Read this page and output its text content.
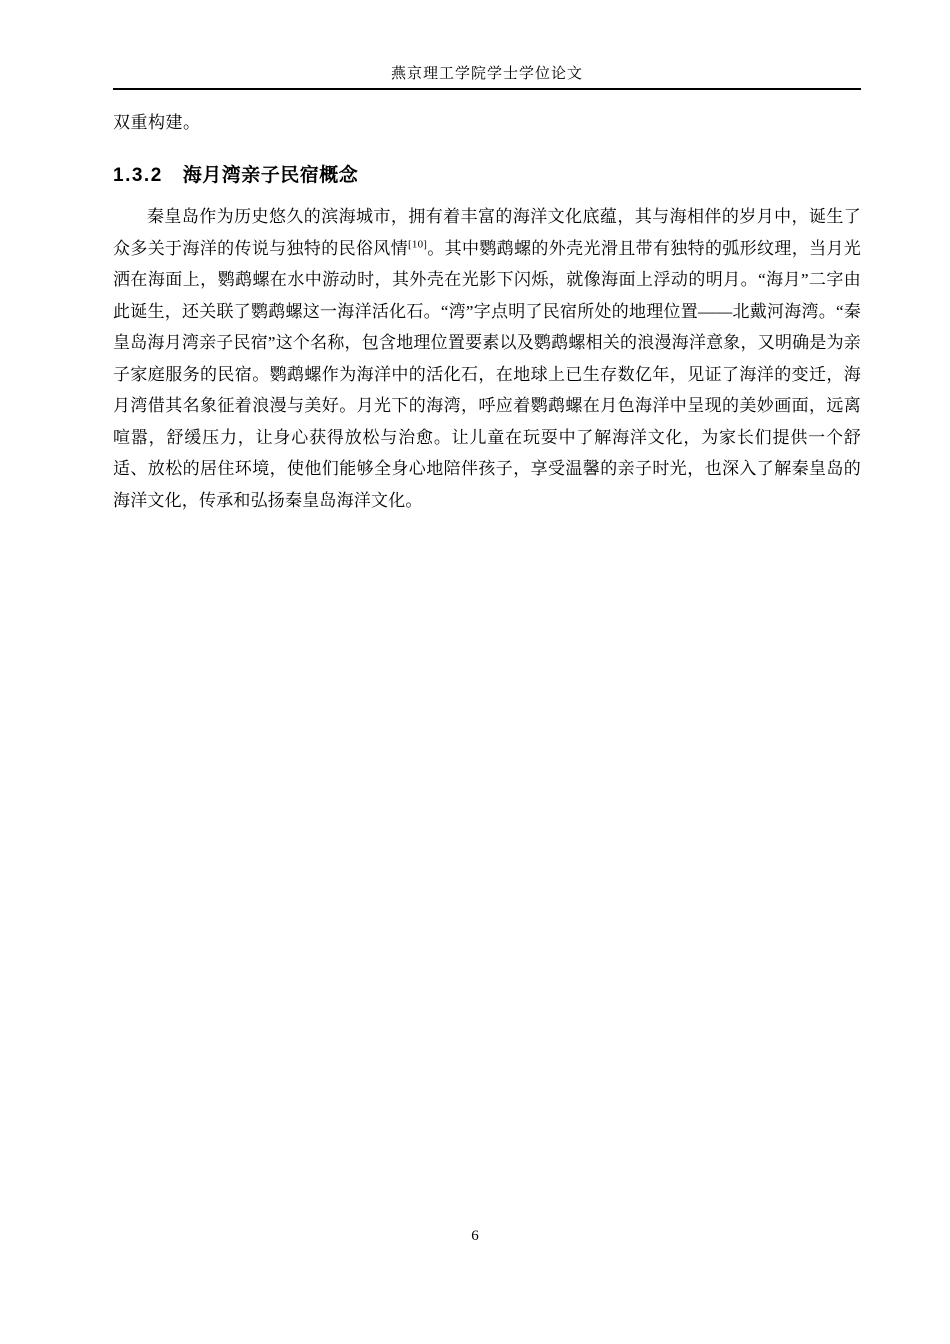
燕京理工学院学士学位论文

双重构建。

1.3.2 海月湾亲子民宿概念

秦皇岛作为历史悠久的滨海城市，拥有着丰富的海洋文化底蕴，其与海相伴的岁月中，诞生了众多关于海洋的传说与独特的民俗风情[10]。其中鹦鹉螺的外壳光滑且带有独特的弧形纹理，当月光洒在海面上，鹦鹉螺在水中游动时，其外壳在光影下闪烁，就像海面上浮动的明月。“海月”二字由此诞生，还关联了鹦鹉螺这一海洋活化石。“湾”字点明了民宿所处的地理位置——北戴河海湾。“秦皇岛海月湾亲子民宿”这个名称，包含地理位置要素以及鹦鹉螺相关的浪漫海洋意象，又明确是为亲子家庭服务的民宿。鹦鹉螺作为海洋中的活化石，在地球上已生存数亿年，见证了海洋的变迁，海月湾借其名象征着浪漫与美好。月光下的海湾，呼应着鹦鹉螺在月色海洋中呈现的美妙画面，远离喧嚣，舒缓压力，让身心获得放松与治愈。让儿童在玩耍中了解海洋文化，为家长们提供一个舒适、放松的居住环境，使他们能够全身心地陪伴孩子，享受温馨的亲子时光，也深入了解秦皇岛的海洋文化，传承和弘扬秦皇岛海洋文化。

6
